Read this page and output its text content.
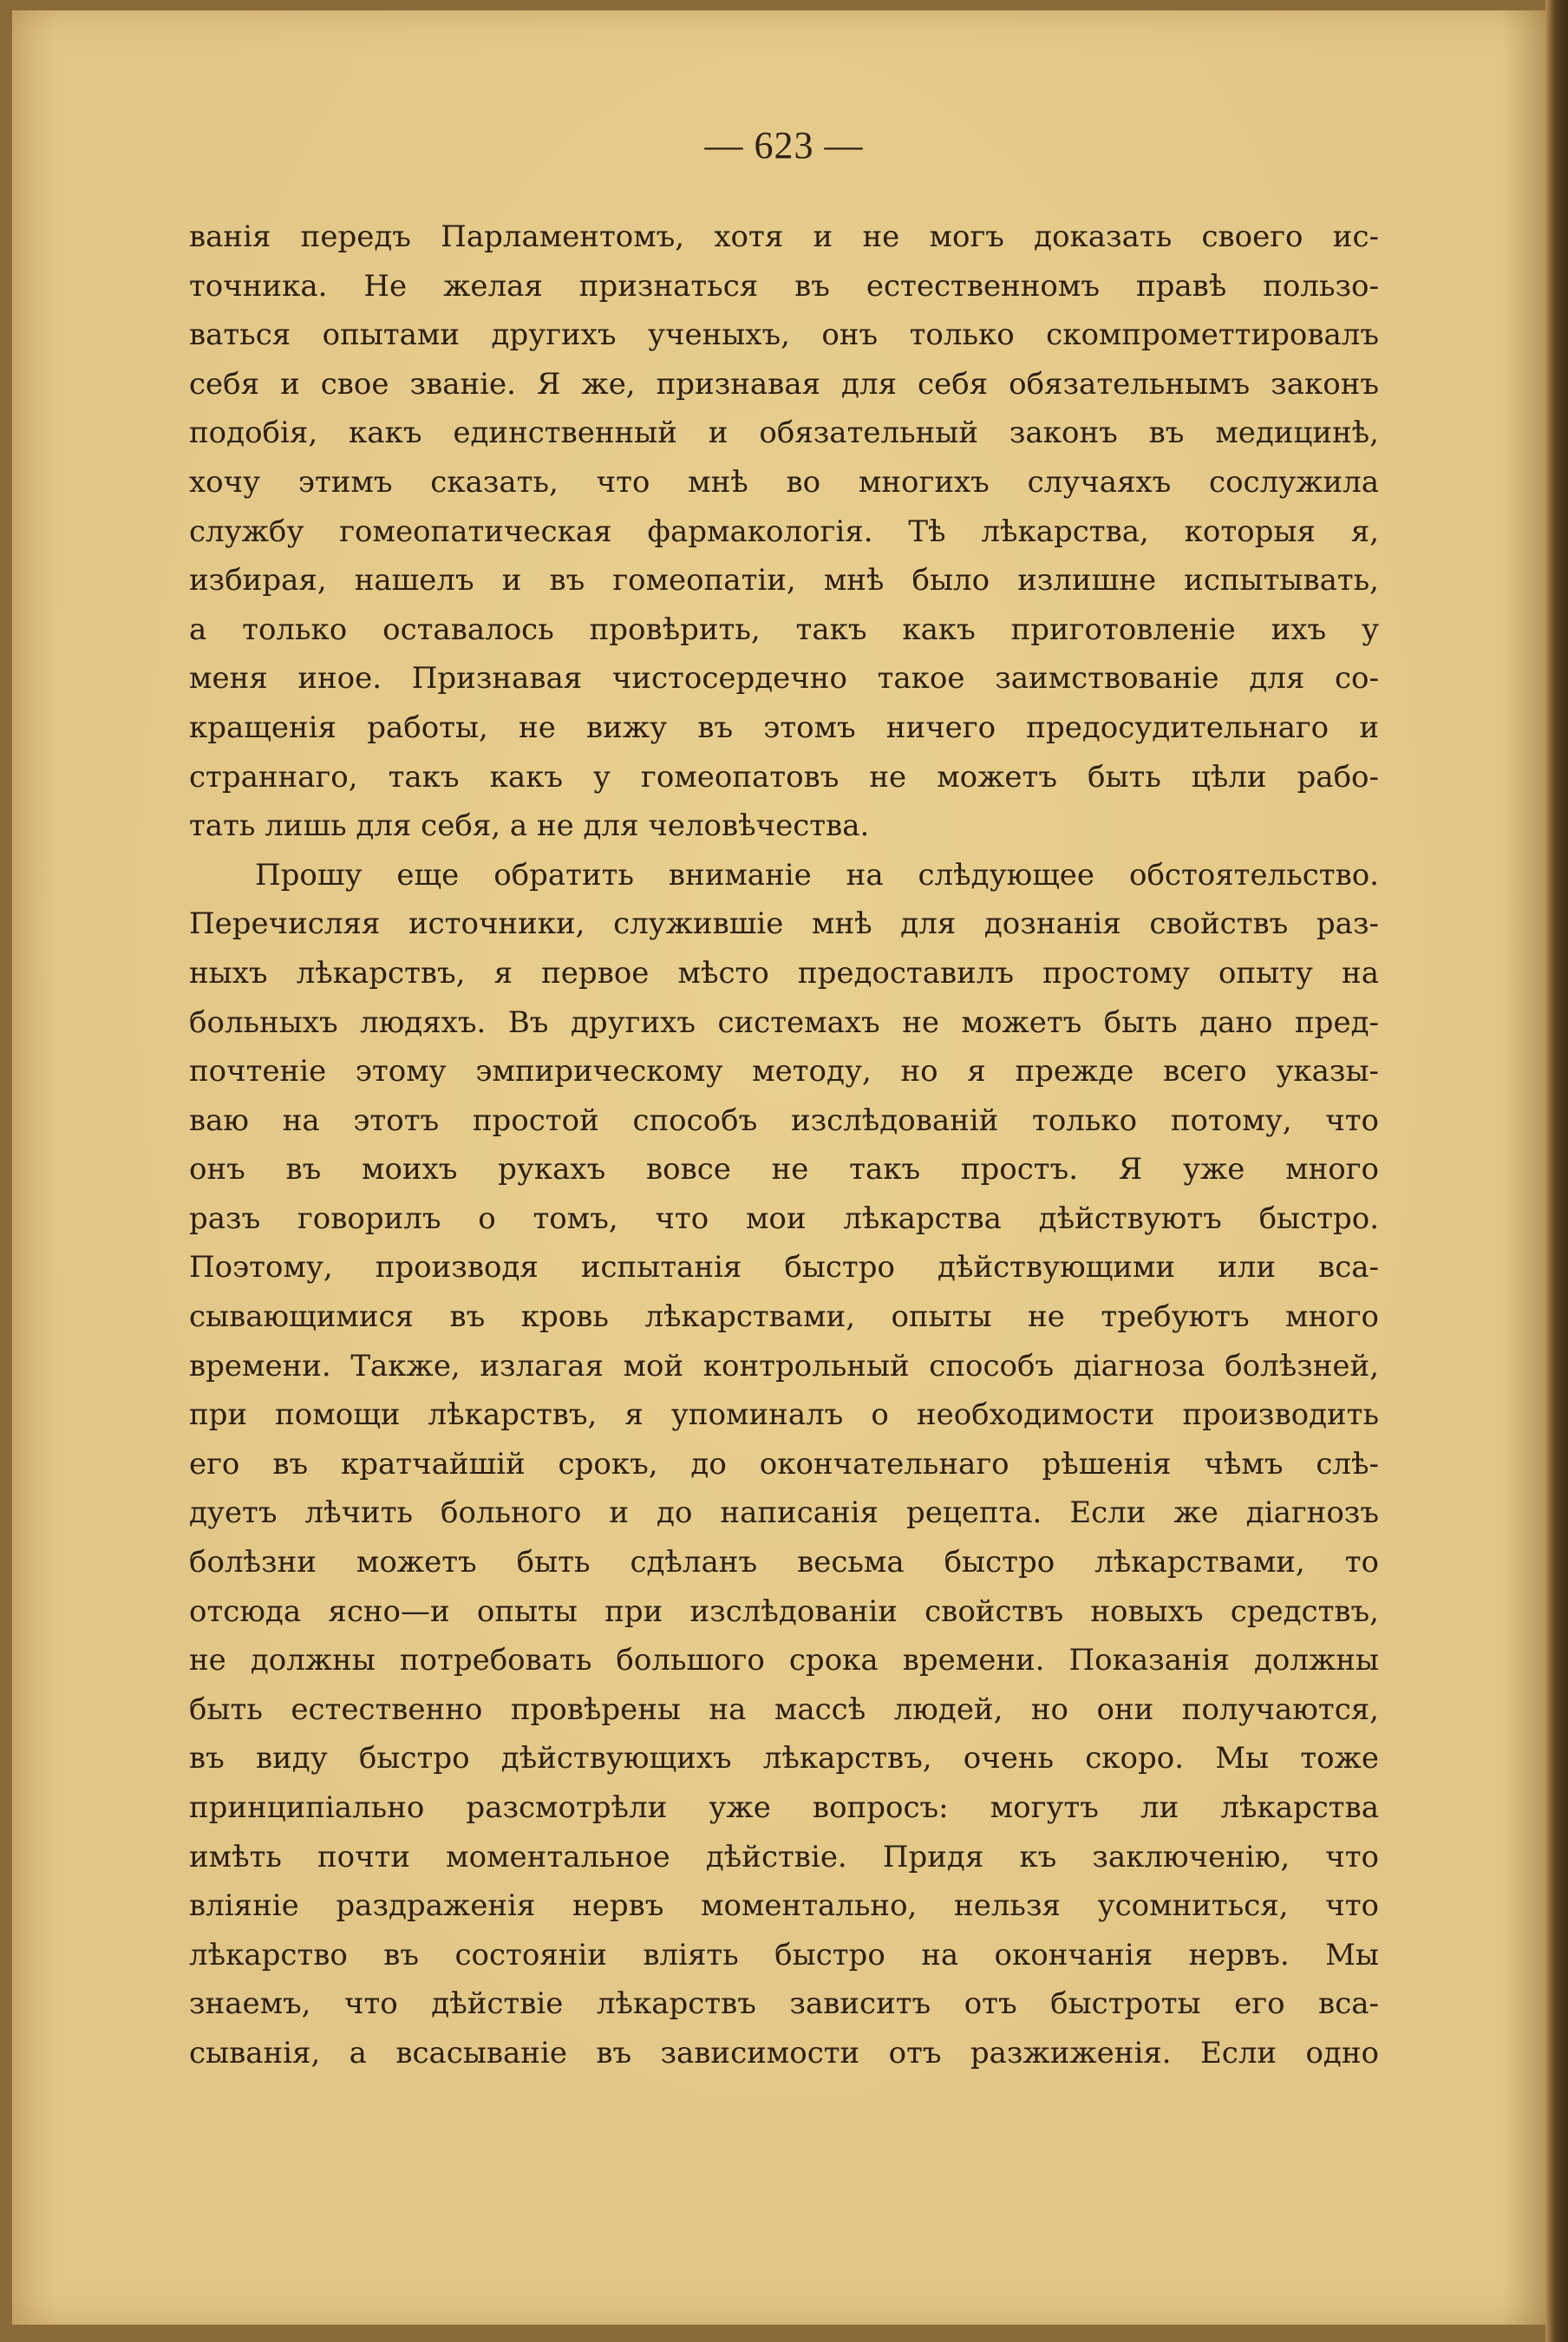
— 623 —
ванія передъ Парламентомъ, хотя и не могъ доказать своего ис-
точника. Не желая признаться въ естественномъ правѣ пользо-
ваться опытами другихъ ученыхъ, онъ только скомпрометтировалъ
себя и свое званіе. Я же, признавая для себя обязательнымъ законъ
подобія, какъ единственный и обязательный законъ въ медицинѣ,
хочу этимъ сказать, что мнѣ во многихъ случаяхъ сослужила
службу гомеопатическая фармакологія. Тѣ лѣкарства, которыя я,
избирая, нашелъ и въ гомеопатіи, мнѣ было излишне испытывать,
а только оставалось провѣрить, такъ какъ приготовленіе ихъ у
меня иное. Признавая чистосердечно такое заимствованіе для со-
кращенія работы, не вижу въ этомъ ничего предосудительнаго и
страннаго, такъ какъ у гомеопатовъ не можетъ быть цѣли рабо-
тать лишь для себя, а не для человѣчества.
Прошу еще обратить вниманіе на слѣдующее обстоятельство.
Перечисляя источники, служившіе мнѣ для дознанія свойствъ раз-
ныхъ лѣкарствъ, я первое мѣсто предоставилъ простому опыту на
больныхъ людяхъ. Въ другихъ системахъ не можетъ быть дано пред-
почтеніе этому эмпирическому методу, но я прежде всего указы-
ваю на этотъ простой способъ изслѣдованій только потому, что
онъ въ моихъ рукахъ вовсе не такъ простъ. Я уже много
разъ говорилъ о томъ, что мои лѣкарства дѣйствуютъ быстро.
Поэтому, производя испытанія быстро дѣйствующими или вса-
сывающимися въ кровь лѣкарствами, опыты не требуютъ много
времени. Также, излагая мой контрольный способъ діагноза болѣзней,
при помощи лѣкарствъ, я упоминалъ о необходимости производить
его въ кратчайшій срокъ, до окончательнаго рѣшенія чѣмъ слѣ-
дуетъ лѣчить больного и до написанія рецепта. Если же діагнозъ
болѣзни можетъ быть сдѣланъ весьма быстро лѣкарствами, то
отсюда ясно—и опыты при изслѣдованіи свойствъ новыхъ средствъ,
не должны потребовать большого срока времени. Показанія должны
быть естественно провѣрены на массѣ людей, но они получаются,
въ виду быстро дѣйствующихъ лѣкарствъ, очень скоро. Мы тоже
принципіально разсмотрѣли уже вопросъ: могутъ ли лѣкарства
имѣть почти моментальное дѣйствіе. Придя къ заключенію, что
вліяніе раздраженія нервъ моментально, нельзя усомниться, что
лѣкарство въ состояніи вліять быстро на окончанія нервъ. Мы
знаемъ, что дѣйствіе лѣкарствъ зависитъ отъ быстроты его вса-
сыванія, а всасываніе въ зависимости отъ разжиженія. Если одно
